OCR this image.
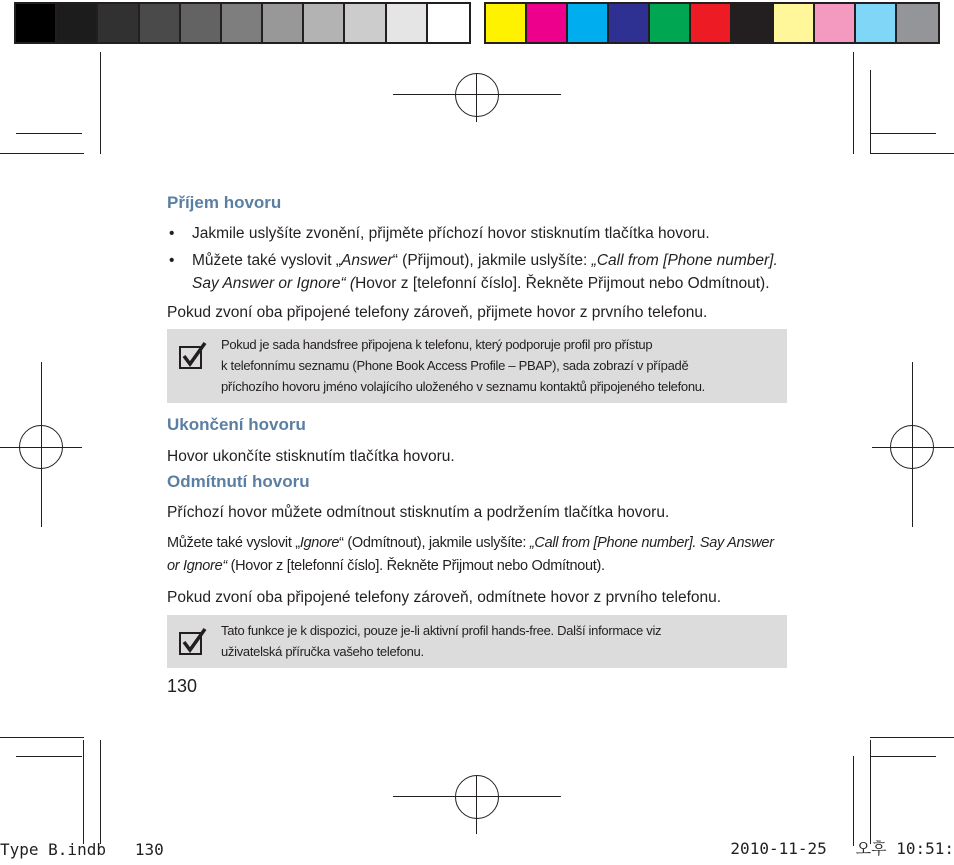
Příjem hovoru
• Jakmile uslyšíte zvonění, přijměte příchozí hovor stisknutím tlačítka hovoru.
• Můžete také vyslovit „Answer“ (Přijmout), jakmile uslyšíte: „Call from [Phone number]. Say Answer or Ignore“ (Hovor z [telefonní číslo]. Řekněte Přijmout nebo Odmítnout).

Pokud zvoní oba připojené telefony zároveň, přijmete hovor z prvního telefonu.

Pokud je sada handsfree připojena k telefonu, který podporuje profil pro přístup
k telefonnímu seznamu (Phone Book Access Profile – PBAP), sada zobrazí v případě
příchozího hovoru jméno volajícího uloženého v seznamu kontaktů připojeného telefonu.
Ukončení hovoru

Hovor ukončíte stisknutím tlačítka hovoru.

Odmítnutí hovoru

Příchozí hovor můžete odmítnout stisknutím a podržením tlačítka hovoru.

Můžete také vyslovit „Ignore“ (Odmítnout), jakmile uslyšíte: „Call from [Phone number]. Say Answer or Ignore“ (Hovor z [telefonní číslo]. Řekněte Přijmout nebo Odmítnout).

Pokud zvoní oba připojené telefony zároveň, odmítnete hovor z prvního telefonu.

Tato funkce je k dispozici, pouze je-li aktivní profil hands-free. Další informace viz
uživatelská příručka vašeho telefonu.
130
Type B.indb   130	2010-11-25   오후 10:51:
